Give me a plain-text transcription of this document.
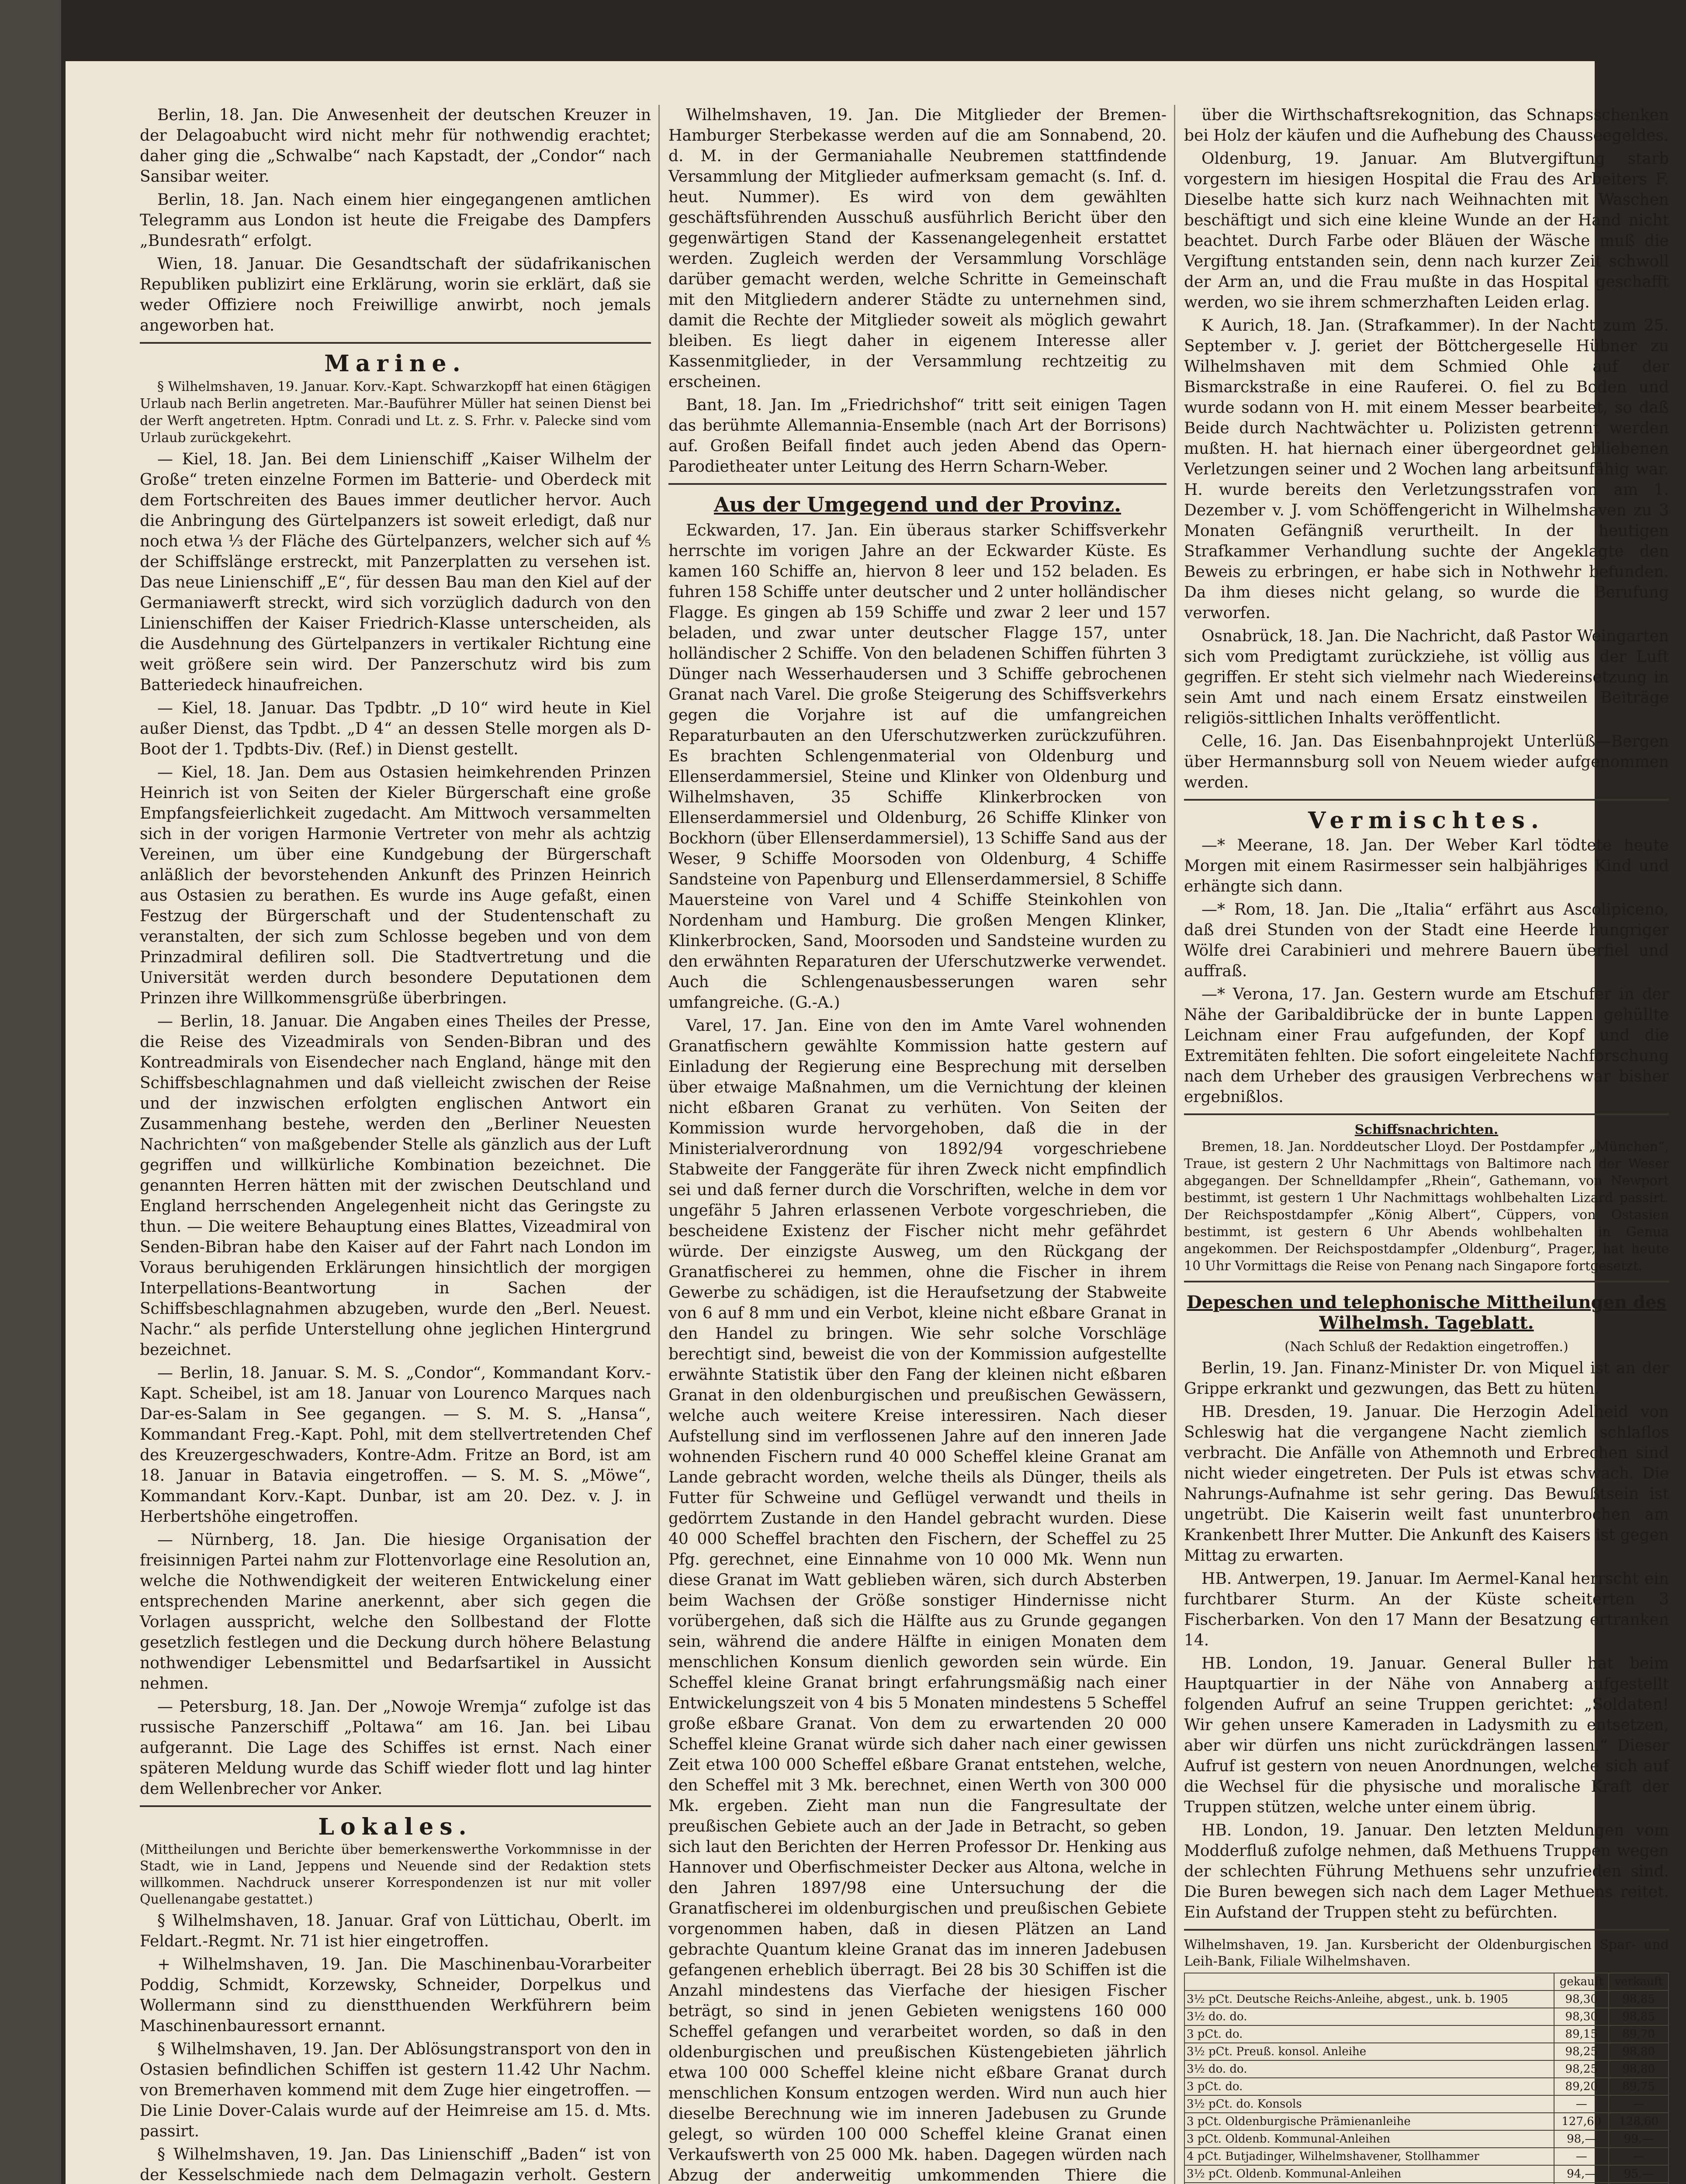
Berlin, 18. Jan. Die Anwesenheit der deutschen Kreuzer in der Delagoabucht wird nicht mehr für nothwendig erachtet; daher ging die „Schwalbe“ nach Kapstadt, der „Condor“ nach Sansibar weiter.

Berlin, 18. Jan. Nach einem hier eingegangenen amtlichen Telegramm aus London ist heute die Freigabe des Dampfers „Bundesrath“ erfolgt.

Wien, 18. Januar. Die Gesandtschaft der südafrikanischen Republiken publizirt eine Erklärung, worin sie erklärt, daß sie weder Offiziere noch Freiwillige anwirbt, noch jemals angeworben hat.

Marine.

§ Wilhelmshaven, 19. Januar. Korv.-Kapt. Schwarzkopff hat einen 6tägigen Urlaub nach Berlin angetreten. Mar.-Bauführer Müller hat seinen Dienst bei der Werft angetreten. Hptm. Conradi und Lt. z. S. Frhr. v. Palecke sind vom Urlaub zurückgekehrt.

— Kiel, 18. Jan. Bei dem Linienschiff „Kaiser Wilhelm der Große“ treten einzelne Formen im Batterie- und Oberdeck mit dem Fortschreiten des Baues immer deutlicher hervor. Auch die Anbringung des Gürtelpanzers ist soweit erledigt, daß nur noch etwa ⅓ der Fläche des Gürtelpanzers, welcher sich auf ⅘ der Schiffslänge erstreckt, mit Panzerplatten zu versehen ist. Das neue Linienschiff „E“, für dessen Bau man den Kiel auf der Germaniawerft streckt, wird sich vorzüglich dadurch von den Linienschiffen der Kaiser Friedrich-Klasse unterscheiden, als die Ausdehnung des Gürtelpanzers in vertikaler Richtung eine weit größere sein wird. Der Panzerschutz wird bis zum Batteriedeck hinaufreichen.

— Kiel, 18. Januar. Das Tpdbtr. „D 10“ wird heute in Kiel außer Dienst, das Tpdbt. „D 4“ an dessen Stelle morgen als D-Boot der 1. Tpdbts-Div. (Ref.) in Dienst gestellt.

— Kiel, 18. Jan. Dem aus Ostasien heimkehrenden Prinzen Heinrich ist von Seiten der Kieler Bürgerschaft eine große Empfangsfeierlichkeit zugedacht. Am Mittwoch versammelten sich in der vorigen Harmonie Vertreter von mehr als achtzig Vereinen, um über eine Kundgebung der Bürgerschaft anläßlich der bevorstehenden Ankunft des Prinzen Heinrich aus Ostasien zu berathen. Es wurde ins Auge gefaßt, einen Festzug der Bürgerschaft und der Studentenschaft zu veranstalten, der sich zum Schlosse begeben und von dem Prinzadmiral defiliren soll. Die Stadtvertretung und die Universität werden durch besondere Deputationen dem Prinzen ihre Willkommensgrüße überbringen.

— Berlin, 18. Januar. Die Angaben eines Theiles der Presse, die Reise des Vizeadmirals von Senden-Bibran und des Kontreadmirals von Eisendecher nach England, hänge mit den Schiffsbeschlagnahmen und daß vielleicht zwischen der Reise und der inzwischen erfolgten englischen Antwort ein Zusammenhang bestehe, werden den „Berliner Neuesten Nachrichten“ von maßgebender Stelle als gänzlich aus der Luft gegriffen und willkürliche Kombination bezeichnet. Die genannten Herren hätten mit der zwischen Deutschland und England herrschenden Angelegenheit nicht das Geringste zu thun. — Die weitere Behauptung eines Blattes, Vizeadmiral von Senden-Bibran habe den Kaiser auf der Fahrt nach London im Voraus beruhigenden Erklärungen hinsichtlich der morgigen Interpellations-Beantwortung in Sachen der Schiffsbeschlagnahmen abzugeben, wurde den „Berl. Neuest. Nachr.“ als perfide Unterstellung ohne jeglichen Hintergrund bezeichnet.

— Berlin, 18. Januar. S. M. S. „Condor“, Kommandant Korv.-Kapt. Scheibel, ist am 18. Januar von Lourenco Marques nach Dar-es-Salam in See gegangen. — S. M. S. „Hansa“, Kommandant Freg.-Kapt. Pohl, mit dem stellvertretenden Chef des Kreuzergeschwaders, Kontre-Adm. Fritze an Bord, ist am 18. Januar in Batavia eingetroffen. — S. M. S. „Möwe“, Kommandant Korv.-Kapt. Dunbar, ist am 20. Dez. v. J. in Herbertshöhe eingetroffen.

— Nürnberg, 18. Jan. Die hiesige Organisation der freisinnigen Partei nahm zur Flottenvorlage eine Resolution an, welche die Nothwendigkeit der weiteren Entwickelung einer entsprechenden Marine anerkennt, aber sich gegen die Vorlagen ausspricht, welche den Sollbestand der Flotte gesetzlich festlegen und die Deckung durch höhere Belastung nothwendiger Lebensmittel und Bedarfsartikel in Aussicht nehmen.

— Petersburg, 18. Jan. Der „Nowoje Wremja“ zufolge ist das russische Panzerschiff „Poltawa“ am 16. Jan. bei Libau aufgerannt. Die Lage des Schiffes ist ernst. Nach einer späteren Meldung wurde das Schiff wieder flott und lag hinter dem Wellenbrecher vor Anker.

Lokales.

(Mittheilungen und Berichte über bemerkenswerthe Vorkommnisse in der Stadt, wie in Land, Jeppens und Neuende sind der Redaktion stets willkommen. Nachdruck unserer Korrespondenzen ist nur mit voller Quellenangabe gestattet.)

§ Wilhelmshaven, 18. Januar. Graf von Lüttichau, Oberlt. im Feldart.-Regmt. Nr. 71 ist hier eingetroffen.

+ Wilhelmshaven, 19. Jan. Die Maschinenbau-Vorarbeiter Poddig, Schmidt, Korzewsky, Schneider, Dorpelkus und Wollermann sind zu dienstthuenden Werkführern beim Maschinenbauressort ernannt.

§ Wilhelmshaven, 19. Jan. Der Ablösungstransport von den in Ostasien befindlichen Schiffen ist gestern 11.42 Uhr Nachm. von Bremerhaven kommend mit dem Zuge hier eingetroffen. — Die Linie Dover-Calais wurde auf der Heimreise am 15. d. Mts. passirt.

§ Wilhelmshaven, 19. Jan. Das Linienschiff „Baden“ ist von der Kesselschmiede nach dem Delmagazin verholt. Gestern

Wilhelmshaven, 19. Jan. Die Mitglieder der Bremen-Hamburger Sterbekasse werden auf die am Sonnabend, 20. d. M. in der Germaniahalle Neubremen stattfindende Versammlung der Mitglieder aufmerksam gemacht (s. Inf. d. heut. Nummer). Es wird von dem gewählten geschäftsführenden Ausschuß ausführlich Bericht über den gegenwärtigen Stand der Kassenangelegenheit erstattet werden. Zugleich werden der Versammlung Vorschläge darüber gemacht werden, welche Schritte in Gemeinschaft mit den Mitgliedern anderer Städte zu unternehmen sind, damit die Rechte der Mitglieder soweit als möglich gewahrt bleiben. Es liegt daher in eigenem Interesse aller Kassenmitglieder, in der Versammlung rechtzeitig zu erscheinen.

Bant, 18. Jan. Im „Friedrichshof“ tritt seit einigen Tagen das berühmte Allemannia-Ensemble (nach Art der Borrisons) auf. Großen Beifall findet auch jeden Abend das Opern-Parodietheater unter Leitung des Herrn Scharn-Weber.

Aus der Umgegend und der Provinz.

Eckwarden, 17. Jan. Ein überaus starker Schiffsverkehr herrschte im vorigen Jahre an der Eckwarder Küste. Es kamen 160 Schiffe an, hiervon 8 leer und 152 beladen. Es fuhren 158 Schiffe unter deutscher und 2 unter holländischer Flagge. Es gingen ab 159 Schiffe und zwar 2 leer und 157 beladen, und zwar unter deutscher Flagge 157, unter holländischer 2 Schiffe. Von den beladenen Schiffen führten 3 Dünger nach Wesserhaudersen und 3 Schiffe gebrochenen Granat nach Varel. Die große Steigerung des Schiffsverkehrs gegen die Vorjahre ist auf die umfangreichen Reparaturbauten an den Uferschutzwerken zurückzuführen. Es brachten Schlengenmaterial von Oldenburg und Ellenserdammersiel, Steine und Klinker von Oldenburg und Wilhelmshaven, 35 Schiffe Klinkerbrocken von Ellenserdammersiel und Oldenburg, 26 Schiffe Klinker von Bockhorn (über Ellenserdammersiel), 13 Schiffe Sand aus der Weser, 9 Schiffe Moorsoden von Oldenburg, 4 Schiffe Sandsteine von Papenburg und Ellenserdammersiel, 8 Schiffe Mauersteine von Varel und 4 Schiffe Steinkohlen von Nordenham und Hamburg. Die großen Mengen Klinker, Klinkerbrocken, Sand, Moorsoden und Sandsteine wurden zu den erwähnten Reparaturen der Uferschutzwerke verwendet. Auch die Schlengenausbesserungen waren sehr umfangreiche. (G.-A.)

Varel, 17. Jan. Eine von den im Amte Varel wohnenden Granatfischern gewählte Kommission hatte gestern auf Einladung der Regierung eine Besprechung mit derselben über etwaige Maßnahmen, um die Vernichtung der kleinen nicht eßbaren Granat zu verhüten. Von Seiten der Kommission wurde hervorgehoben, daß die in der Ministerialverordnung von 1892/94 vorgeschriebene Stabweite der Fanggeräte für ihren Zweck nicht empfindlich sei und daß ferner durch die Vorschriften, welche in dem vor ungefähr 5 Jahren erlassenen Verbote vorgeschrieben, die bescheidene Existenz der Fischer nicht mehr gefährdet würde. Der einzigste Ausweg, um den Rückgang der Granatfischerei zu hemmen, ohne die Fischer in ihrem Gewerbe zu schädigen, ist die Heraufsetzung der Stabweite von 6 auf 8 mm und ein Verbot, kleine nicht eßbare Granat in den Handel zu bringen. Wie sehr solche Vorschläge berechtigt sind, beweist die von der Kommission aufgestellte erwähnte Statistik über den Fang der kleinen nicht eßbaren Granat in den oldenburgischen und preußischen Gewässern, welche auch weitere Kreise interessiren. Nach dieser Aufstellung sind im verflossenen Jahre auf den inneren Jade wohnenden Fischern rund 40 000 Scheffel kleine Granat am Lande gebracht worden, welche theils als Dünger, theils als Futter für Schweine und Geflügel verwandt und theils in gedörrtem Zustande in den Handel gebracht wurden. Diese 40 000 Scheffel brachten den Fischern, der Scheffel zu 25 Pfg. gerechnet, eine Einnahme von 10 000 Mk. Wenn nun diese Granat im Watt geblieben wären, sich durch Absterben beim Wachsen der Größe sonstiger Hindernisse nicht vorübergehen, daß sich die Hälfte aus zu Grunde gegangen sein, während die andere Hälfte in einigen Monaten dem menschlichen Konsum dienlich geworden sein würde. Ein Scheffel kleine Granat bringt erfahrungsmäßig nach einer Entwickelungszeit von 4 bis 5 Monaten mindestens 5 Scheffel große eßbare Granat. Von dem zu erwartenden 20 000 Scheffel kleine Granat würde sich daher nach einer gewissen Zeit etwa 100 000 Scheffel eßbare Granat entstehen, welche, den Scheffel mit 3 Mk. berechnet, einen Werth von 300 000 Mk. ergeben. Zieht man nun die Fangresultate der preußischen Gebiete auch an der Jade in Betracht, so geben sich laut den Berichten der Herren Professor Dr. Henking aus Hannover und Oberfischmeister Decker aus Altona, welche in den Jahren 1897/98 eine Untersuchung der die Granatfischerei im oldenburgischen und preußischen Gebiete vorgenommen haben, daß in diesen Plätzen an Land gebrachte Quantum kleine Granat das im inneren Jadebusen gefangenen erheblich überragt. Bei 28 bis 30 Schiffen ist die Anzahl mindestens das Vierfache der hiesigen Fischer beträgt, so sind in jenen Gebieten wenigstens 160 000 Scheffel gefangen und verarbeitet worden, so daß in den oldenburgischen und preußischen Küstengebieten jährlich etwa 100 000 Scheffel kleine nicht eßbare Granat durch menschlichen Konsum entzogen werden. Wird nun auch hier dieselbe Berechnung wie im inneren Jadebusen zu Grunde gelegt, so würden 100 000 Scheffel kleine Granat einen Verkaufswerth von 25 000 Mk. haben. Dagegen würden nach Abzug der anderweitig umkommenden Thiere die

über die Wirthschaftsrekognition, das Schnapsschenken bei Holz der käufen und die Aufhebung des Chausseegeldes.

Oldenburg, 19. Januar. Am Blutvergiftung starb vorgestern im hiesigen Hospital die Frau des Arbeiters F. Dieselbe hatte sich kurz nach Weihnachten mit Waschen beschäftigt und sich eine kleine Wunde an der Hand nicht beachtet. Durch Farbe oder Bläuen der Wäsche muß die Vergiftung entstanden sein, denn nach kurzer Zeit schwoll der Arm an, und die Frau mußte in das Hospital geschafft werden, wo sie ihrem schmerzhaften Leiden erlag.

K Aurich, 18. Jan. (Strafkammer). In der Nacht zum 25. September v. J. geriet der Böttchergeselle Hübner zu Wilhelmshaven mit dem Schmied Ohle auf der Bismarckstraße in eine Rauferei. O. fiel zu Boden und wurde sodann von H. mit einem Messer bearbeitet, so daß Beide durch Nachtwächter u. Polizisten getrennt werden mußten. H. hat hiernach einer übergeordnet gebliebenen Verletzungen seiner und 2 Wochen lang arbeitsunfähig war. H. wurde bereits den Verletzungsstrafen von am 1. Dezember v. J. vom Schöffengericht in Wilhelmshaven zu 3 Monaten Gefängniß verurtheilt. In der heutigen Strafkammer Verhandlung suchte der Angeklagte den Beweis zu erbringen, er habe sich in Nothwehr befunden. Da ihm dieses nicht gelang, so wurde die Berufung verworfen.

Osnabrück, 18. Jan. Die Nachricht, daß Pastor Weingarten sich vom Predigtamt zurückziehe, ist völlig aus der Luft gegriffen. Er steht sich vielmehr nach Wiedereinsetzung in sein Amt und nach einem Ersatz einstweilen Beiträge religiös-sittlichen Inhalts veröffentlicht.

Celle, 16. Jan. Das Eisenbahnprojekt Unterlüß—Bergen über Hermannsburg soll von Neuem wieder aufgenommen werden.

Vermischtes.

—* Meerane, 18. Jan. Der Weber Karl tödtete heute Morgen mit einem Rasirmesser sein halbjähriges Kind und erhängte sich dann.

—* Rom, 18. Jan. Die „Italia“ erfährt aus Ascolipiceno, daß drei Stunden von der Stadt eine Heerde hungriger Wölfe drei Carabinieri und mehrere Bauern überfiel und auffraß.

—* Verona, 17. Jan. Gestern wurde am Etschufer in der Nähe der Garibaldibrücke der in bunte Lappen gehüllte Leichnam einer Frau aufgefunden, der Kopf und die Extremitäten fehlten. Die sofort eingeleitete Nachforschung nach dem Urheber des grausigen Verbrechens war bisher ergebnißlos.

Schiffsnachrichten.

Bremen, 18. Jan. Norddeutscher Lloyd. Der Postdampfer „München“, Traue, ist gestern 2 Uhr Nachmittags von Baltimore nach der Weser abgegangen. Der Schnelldampfer „Rhein“, Gathemann, von Newport bestimmt, ist gestern 1 Uhr Nachmittags wohlbehalten Lizard passirt. Der Reichspostdampfer „König Albert“, Cüppers, von Ostasien bestimmt, ist gestern 6 Uhr Abends wohlbehalten in Genua angekommen. Der Reichspostdampfer „Oldenburg“, Prager, hat heute 10 Uhr Vormittags die Reise von Penang nach Singapore fortgesetzt.

Depeschen und telephonische Mittheilungen des Wilhelmsh. Tageblatt.

(Nach Schluß der Redaktion eingetroffen.)

Berlin, 19. Jan. Finanz-Minister Dr. von Miquel ist an der Grippe erkrankt und gezwungen, das Bett zu hüten.

HB. Dresden, 19. Januar. Die Herzogin Adelheid von Schleswig hat die vergangene Nacht ziemlich schlaflos verbracht. Die Anfälle von Athemnoth und Erbrechen sind nicht wieder eingetreten. Der Puls ist etwas schwach. Die Nahrungs-Aufnahme ist sehr gering. Das Bewußtsein ist ungetrübt. Die Kaiserin weilt fast ununterbrochen am Krankenbett Ihrer Mutter. Die Ankunft des Kaisers ist gegen Mittag zu erwarten.

HB. Antwerpen, 19. Januar. Im Aermel-Kanal herrscht ein furchtbarer Sturm. An der Küste scheiterten 3 Fischerbarken. Von den 17 Mann der Besatzung ertranken 14.

HB. London, 19. Januar. General Buller hat beim Hauptquartier in der Nähe von Annaberg aufgestellt folgenden Aufruf an seine Truppen gerichtet: „Soldaten! Wir gehen unsere Kameraden in Ladysmith zu entsetzen, aber wir dürfen uns nicht zurückdrängen lassen.“ Dieser Aufruf ist gestern von neuen Anordnungen, welche sich auf die Wechsel für die physische und moralische Kraft der Truppen stützen, welche unter einem übrig.

HB. London, 19. Januar. Den letzten Meldungen vom Modderfluß zufolge nehmen, daß Methuens Truppen wegen der schlechten Führung Methuens sehr unzufrieden sind. Die Buren bewegen sich nach dem Lager Methuens reitet. Ein Aufstand der Truppen steht zu befürchten.

Wilhelmshaven, 19. Jan. Kursbericht der Oldenburgischen Spar- und Leih-Bank, Filiale Wilhelmshaven.

	gekauft	verkauft
3½ pCt. Deutsche Reichs-Anleihe, abgest., unk. b. 1905	98,30	98,85
3½ do. do.	98,30	98,85
3 pCt. do.	89,15	89,70
3½ pCt. Preuß. konsol. Anleihe	98,25	98,80
3½ do. do.	98,25	98,80
3 pCt. do.	89,20	89,75
3½ pCt. do. Konsols	—	—
3 pCt. Oldenburgische Prämienanleihe	127,60	128,60
3 pCt. Oldenb. Kommunal-Anleihen	98,—	99,—
4 pCt. Butjadinger, Wilhelmshavener, Stollhammer	—	—
3½ pCt. Oldenb. Kommunal-Anleihen	94,—	95,—
